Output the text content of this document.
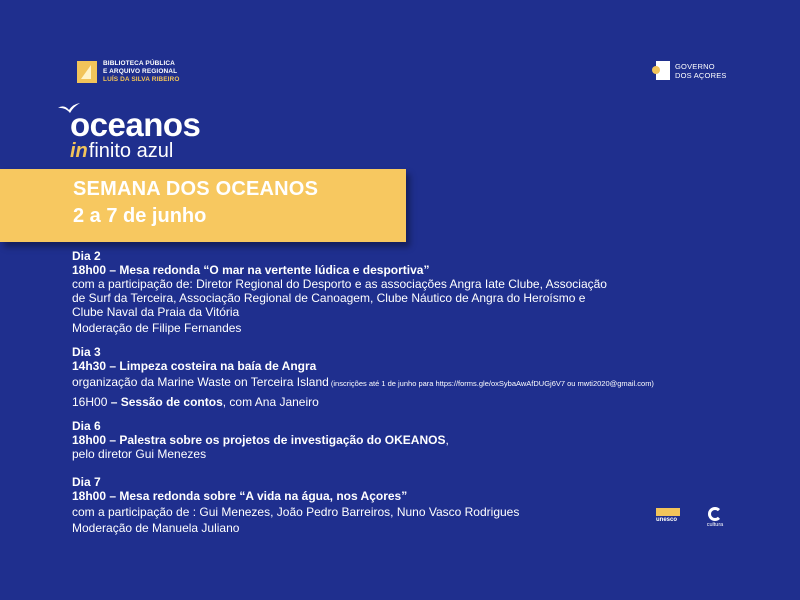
BIBLIOTECA PÚBLICA
E ARQUIVO REGIONAL
LUÍS DA SILVA RIBEIRO
GOVERNO
DOS AÇORES
oceanos
infinito azul
SEMANA DOS OCEANOS
2 a 7 de junho
Dia 2
18h00 – Mesa redonda “O mar na vertente lúdica e desportiva”
com a participação de: Diretor Regional do Desporto e as associações Angra Iate Clube, Associação
de Surf da Terceira, Associação Regional de Canoagem, Clube Náutico de Angra do Heroísmo e
Clube Naval da Praia da Vitória
Moderação de Filipe Fernandes
Dia 3
14h30 – Limpeza costeira na baía de Angra
organização da Marine Waste on Terceira Island (inscrições até 1 de junho para https://forms.gle/oxSybaAwAfDUGj6V7 ou mwti2020@gmail.com)
16H00 – Sessão de contos, com Ana Janeiro
Dia 6
18h00 – Palestra sobre os projetos de investigação do OKEANOS,
pelo diretor Gui Menezes
Dia 7
18h00 – Mesa redonda sobre “A vida na água, nos Açores”
com a participação de : Gui Menezes, João Pedro Barreiros, Nuno Vasco Rodrigues
Moderação de Manuela Juliano
unesco
cultura
